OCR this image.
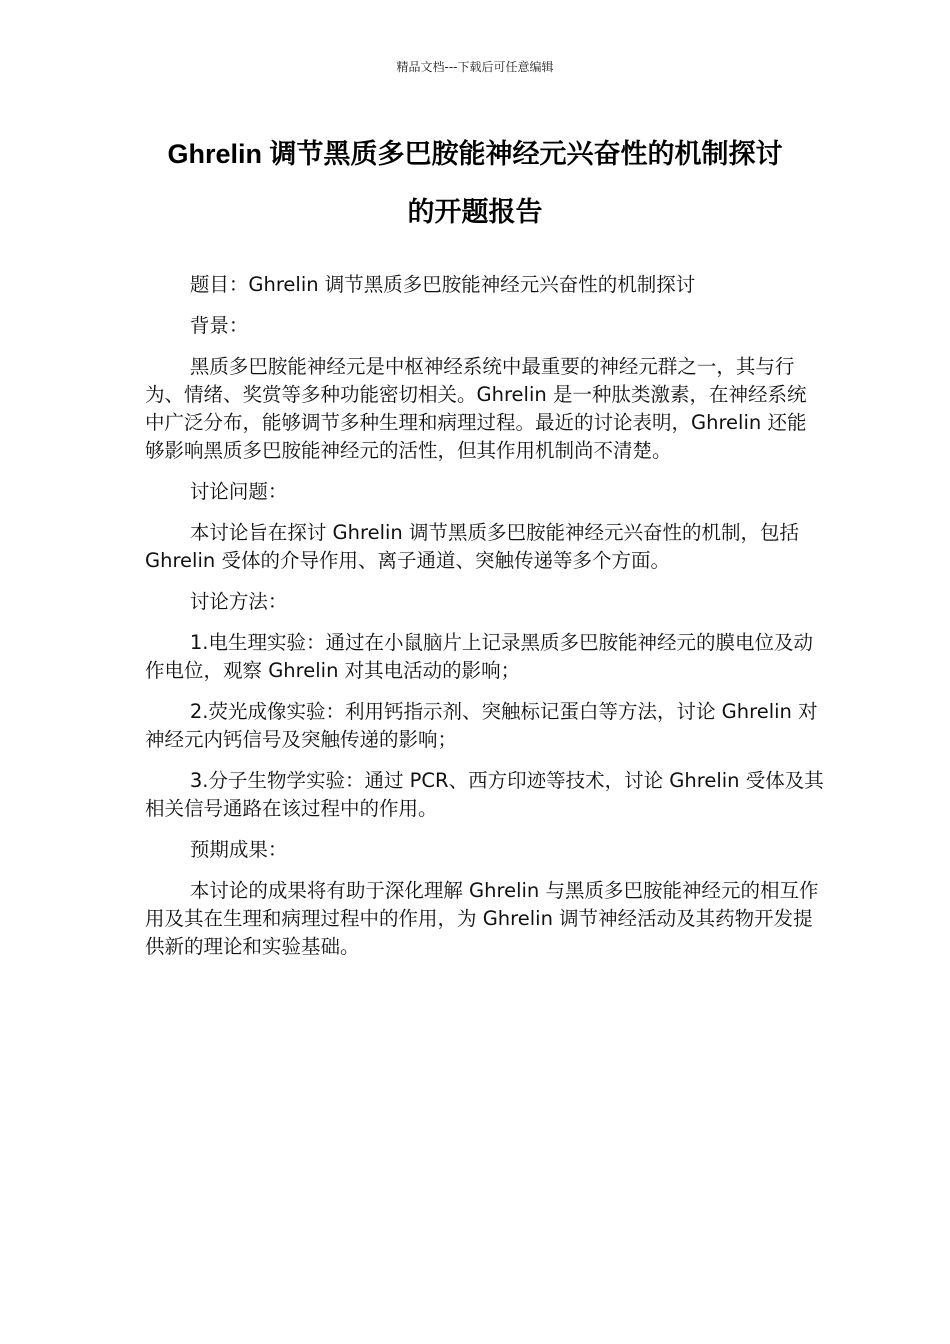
精品文档---下载后可任意编辑
Ghrelin 调节黑质多巴胺能神经元兴奋性的机制探讨
的开题报告

题目：Ghrelin 调节黑质多巴胺能神经元兴奋性的机制探讨

背景：

黑质多巴胺能神经元是中枢神经系统中最重要的神经元群之一，其与行为、情绪、奖赏等多种功能密切相关。Ghrelin 是一种肽类激素，在神经系统中广泛分布，能够调节多种生理和病理过程。最近的讨论表明，Ghrelin 还能够影响黑质多巴胺能神经元的活性，但其作用机制尚不清楚。

讨论问题：

本讨论旨在探讨 Ghrelin 调节黑质多巴胺能神经元兴奋性的机制，包括 Ghrelin 受体的介导作用、离子通道、突触传递等多个方面。

讨论方法：

1.电生理实验：通过在小鼠脑片上记录黑质多巴胺能神经元的膜电位及动作电位，观察 Ghrelin 对其电活动的影响；

2.荧光成像实验：利用钙指示剂、突触标记蛋白等方法，讨论 Ghrelin 对神经元内钙信号及突触传递的影响；

3.分子生物学实验：通过 PCR、西方印迹等技术，讨论 Ghrelin 受体及其相关信号通路在该过程中的作用。

预期成果：

本讨论的成果将有助于深化理解 Ghrelin 与黑质多巴胺能神经元的相互作用及其在生理和病理过程中的作用，为 Ghrelin 调节神经活动及其药物开发提供新的理论和实验基础。
